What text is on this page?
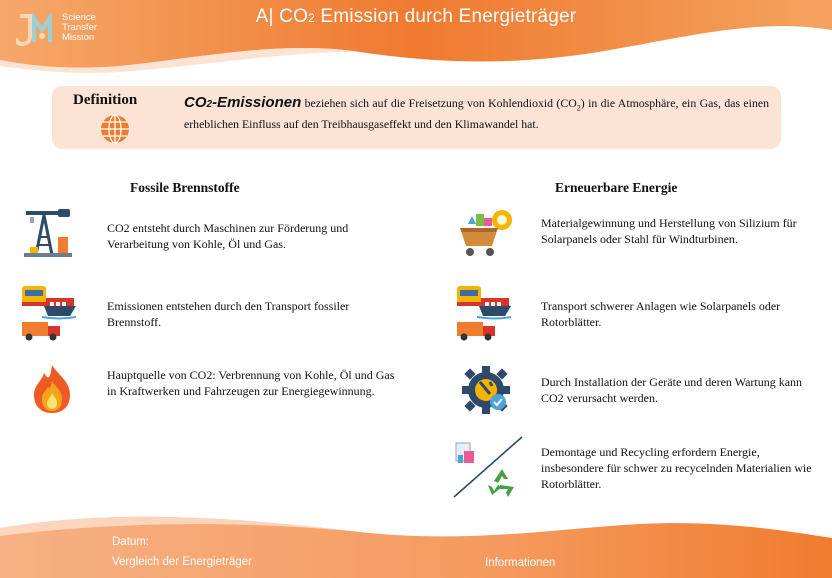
Science
Transfer
Mission
A| CO2 Emission durch Energieträger
Definition	CO2-Emissionen beziehen sich auf die Freisetzung von Kohlendioxid $(CO_2)$ in die Atmosphäre, ein Gas, das einen erheblichen Einfluss auf den Treibhausgaseffekt und den Klimawandel hat.
Fossile Brennstoffe	Erneuerbare Energie
CO2 entsteht durch Maschinen zur Förderung und Verarbeitung von Kohle, Öl und Gas.
Emissionen entstehen durch den Transport fossiler Brennstoff.
Hauptquelle von CO2: Verbrennung von Kohle, Öl und Gas in Kraftwerken und Fahrzeugen zur Energiegewinnung.
Materialgewinnung und Herstellung von Silizium für Solarpanels oder Stahl für Windturbinen.
Transport schwerer Anlagen wie Solarpanels oder Rotorblätter.
Durch Installation der Geräte und deren Wartung kann CO2 verursacht werden.
Demontage und Recycling erfordern Energie, insbesondere für schwer zu recycelnden Materialien wie Rotorblätter.
Datum:
Vergleich der Energieträger	Informationen
